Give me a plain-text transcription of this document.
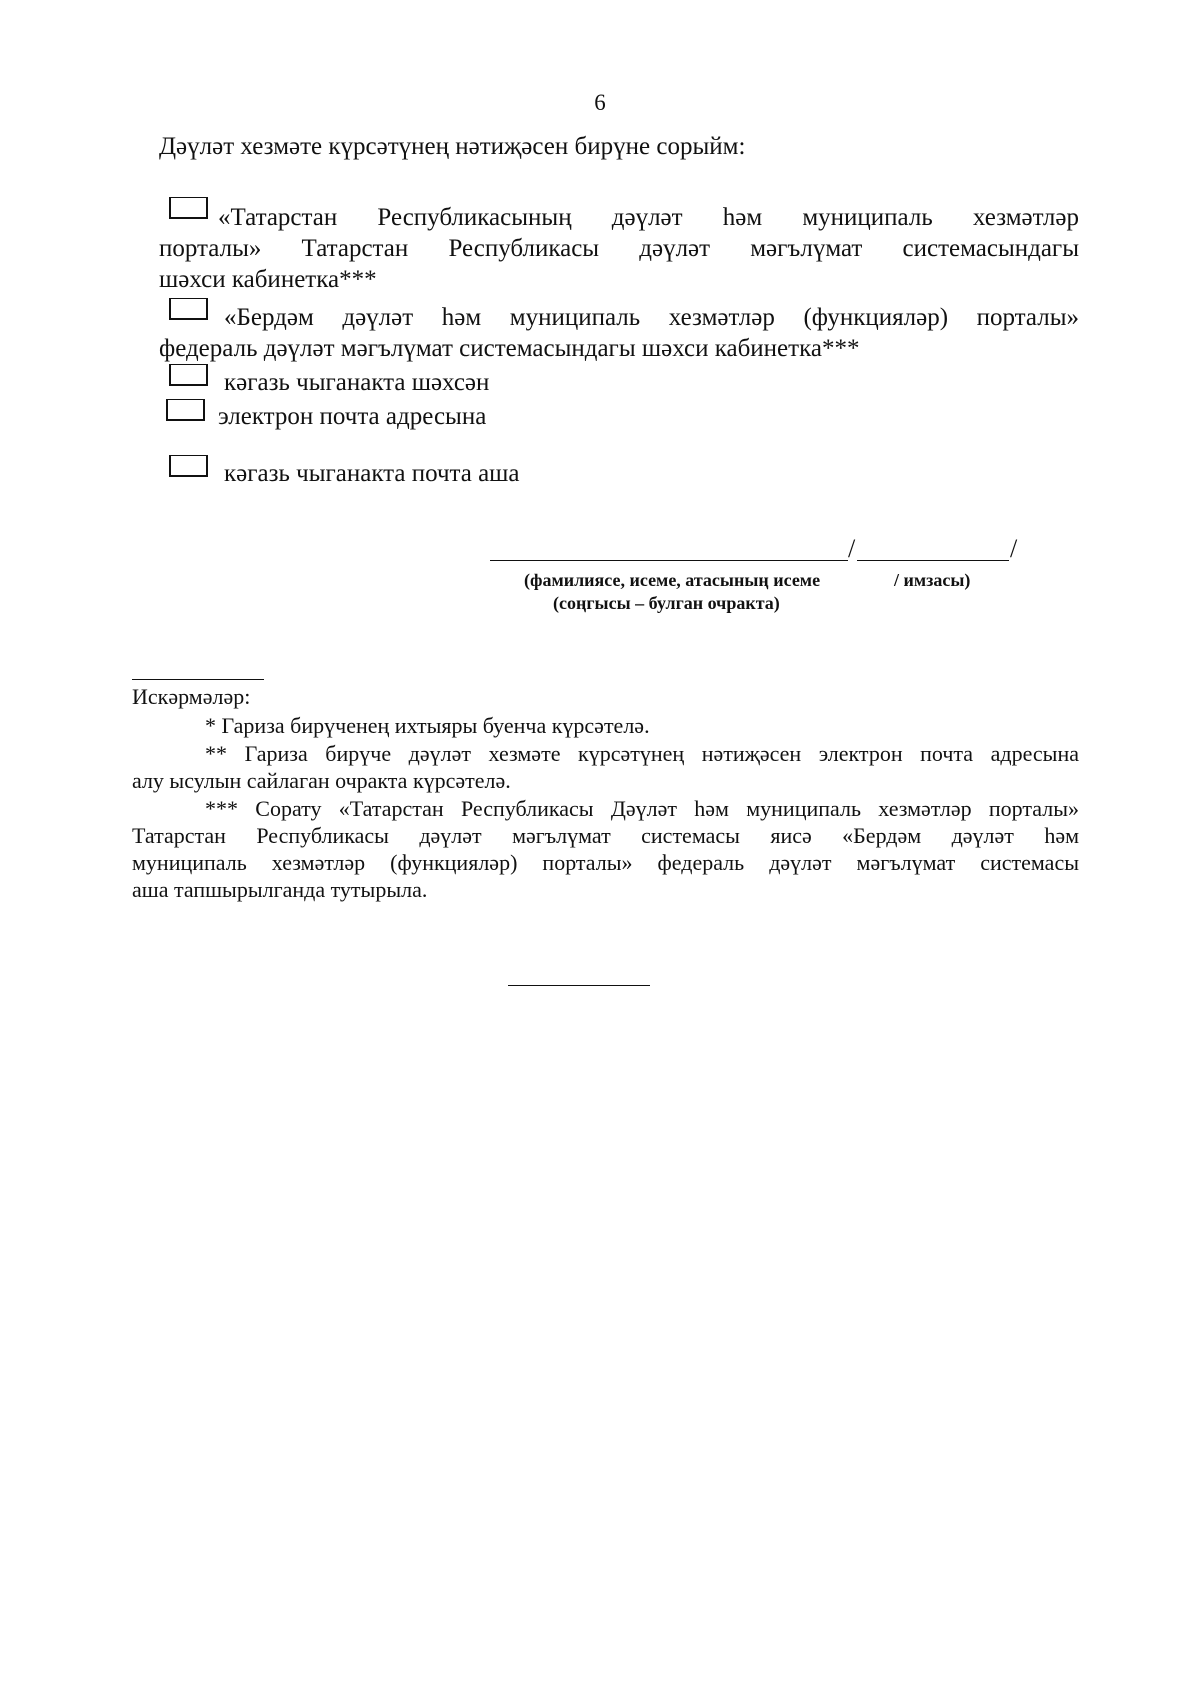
6
Дәүләт хезмәте күрсәтүнең нәтиҗәсен бирүне сорыйм:
«Татарстан Республикасының дәүләт һәм муниципаль хезмәтләр
порталы» Татарстан Республикасы дәүләт мәгълүмат системасындагы
шәхси кабинетка***
«Бердәм дәүләт һәм муниципаль хезмәтләр (функцияләр) порталы»
федераль дәүләт мәгълүмат системасындагы шәхси кабинетка***
кәгазь чыганакта шәхсән
электрон почта адресына
кәгазь чыганакта почта аша
/	/
(фамилиясе, исеме, атасының исеме
(соңгысы – булган очракта)
/ имзасы)
Искәрмәләр:
* Гариза бирүченең ихтыяры буенча күрсәтелә.
** Гариза бирүче дәүләт хезмәте күрсәтүнең нәтиҗәсен электрон почта адресына
алу ысулын сайлаган очракта күрсәтелә.
*** Сорату «Татарстан Республикасы Дәүләт һәм муниципаль хезмәтләр порталы»
Татарстан Республикасы дәүләт мәгълүмат системасы яисә «Бердәм дәүләт һәм
муниципаль хезмәтләр (функцияләр) порталы» федераль дәүләт мәгълүмат системасы
аша тапшырылганда тутырыла.
